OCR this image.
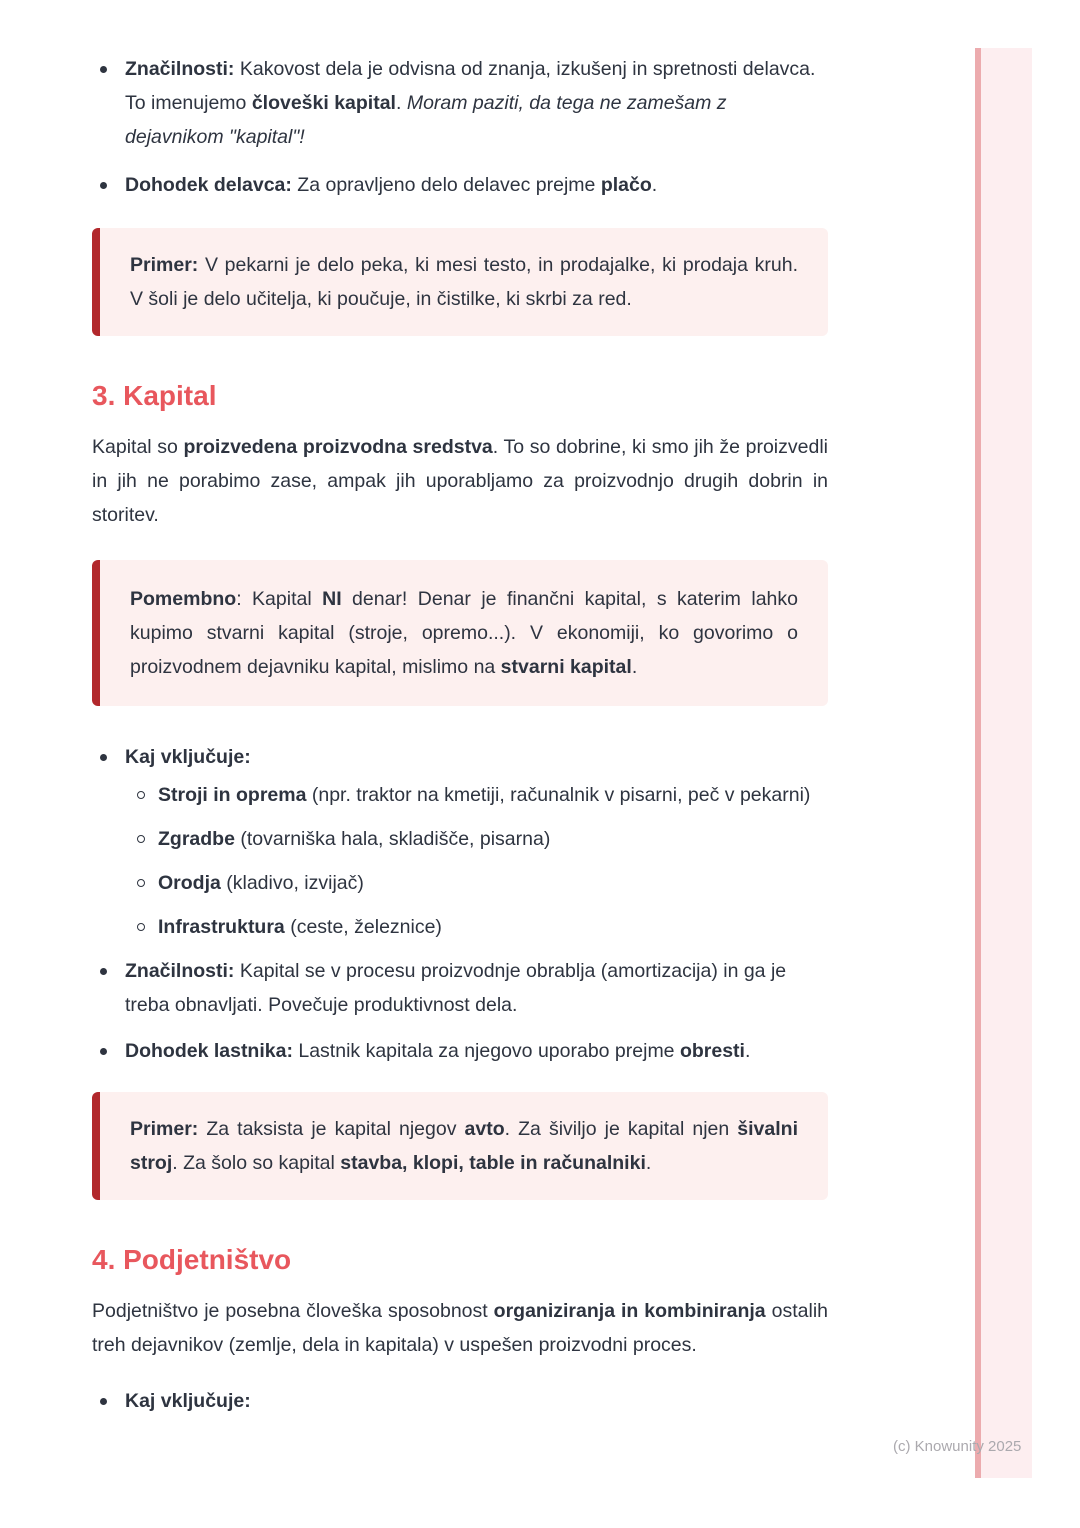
Značilnosti: Kakovost dela je odvisna od znanja, izkušenj in spretnosti delavca. To imenujemo človeški kapital. Moram paziti, da tega ne zamešam z dejavnikom "kapital"!
Dohodek delavca: Za opravljeno delo delavec prejme plačo.
Primer: V pekarni je delo peka, ki mesi testo, in prodajalke, ki prodaja kruh. V šoli je delo učitelja, ki poučuje, in čistilke, ki skrbi za red.
3. Kapital

Kapital so proizvedena proizvodna sredstva. To so dobrine, ki smo jih že proizvedli in jih ne porabimo zase, ampak jih uporabljamo za proizvodnjo drugih dobrin in storitev.

Pomembno: Kapital NI denar! Denar je finančni kapital, s katerim lahko kupimo stvarni kapital (stroje, opremo...). V ekonomiji, ko govorimo o proizvodnem dejavniku kapital, mislimo na stvarni kapital.
Kaj vključuje:
Stroji in oprema (npr. traktor na kmetiji, računalnik v pisarni, peč v pekarni)
Zgradbe (tovarniška hala, skladišče, pisarna)
Orodja (kladivo, izvijač)
Infrastruktura (ceste, železnice)
Značilnosti: Kapital se v procesu proizvodnje obrablja (amortizacija) in ga je treba obnavljati. Povečuje produktivnost dela.
Dohodek lastnika: Lastnik kapitala za njegovo uporabo prejme obresti.
Primer: Za taksista je kapital njegov avto. Za šiviljo je kapital njen šivalni stroj. Za šolo so kapital stavba, klopi, table in računalniki.
4. Podjetništvo

Podjetništvo je posebna človeška sposobnost organiziranja in kombiniranja ostalih treh dejavnikov (zemlje, dela in kapitala) v uspešen proizvodni proces.

Kaj vključuje:
(c) Knowunity 2025
